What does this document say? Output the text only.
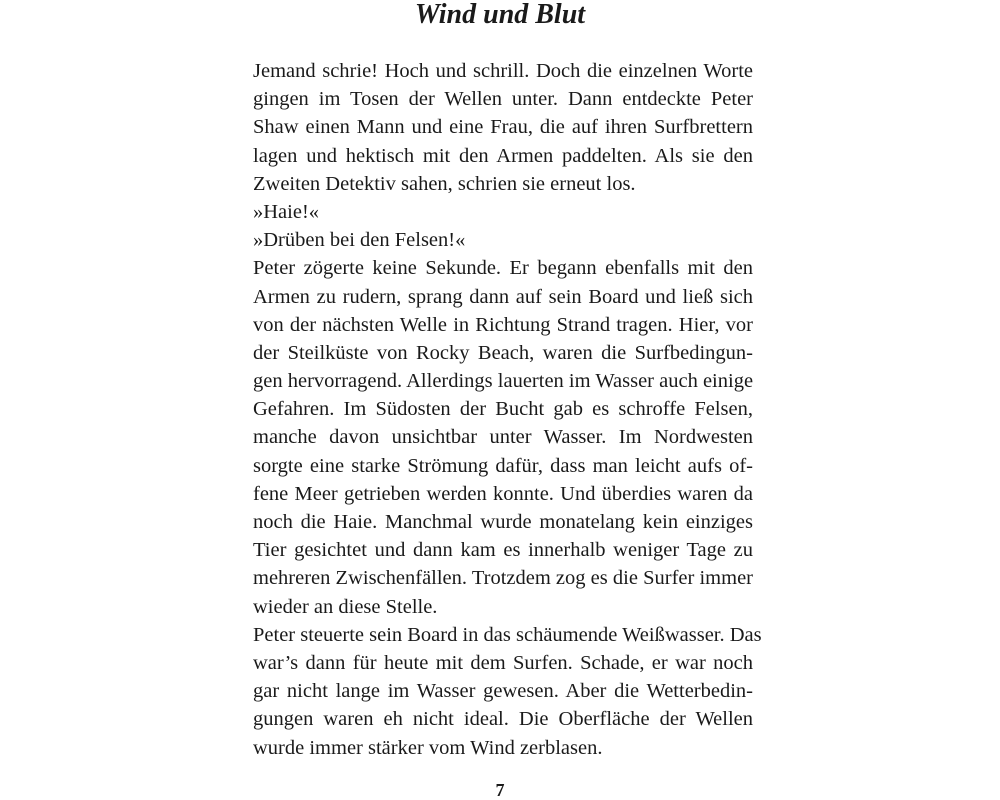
Wind und Blut
Jemand schrie! Hoch und schrill. Doch die einzelnen Worte
gingen im Tosen der Wellen unter. Dann entdeckte Peter
Shaw einen Mann und eine Frau, die auf ihren Surfbrettern
lagen und hektisch mit den Armen paddelten. Als sie den
Zweiten Detektiv sahen, schrien sie erneut los.
»Haie!«
»Drüben bei den Felsen!«
Peter zögerte keine Sekunde. Er begann ebenfalls mit den
Armen zu rudern, sprang dann auf sein Board und ließ sich
von der nächsten Welle in Richtung Strand tragen. Hier, vor
der Steilküste von Rocky Beach, waren die Surfbedingun-
gen hervorragend. Allerdings lauerten im Wasser auch einige
Gefahren. Im Südosten der Bucht gab es schroffe Felsen,
manche davon unsichtbar unter Wasser. Im Nordwesten
sorgte eine starke Strömung dafür, dass man leicht aufs of-
fene Meer getrieben werden konnte. Und überdies waren da
noch die Haie. Manchmal wurde monatelang kein einziges
Tier gesichtet und dann kam es innerhalb weniger Tage zu
mehreren Zwischenfällen. Trotzdem zog es die Surfer immer
wieder an diese Stelle.
Peter steuerte sein Board in das schäumende Weißwasser. Das
war’s dann für heute mit dem Surfen. Schade, er war noch
gar nicht lange im Wasser gewesen. Aber die Wetterbedin-
gungen waren eh nicht ideal. Die Oberfläche der Wellen
wurde immer stärker vom Wind zerblasen.
7
